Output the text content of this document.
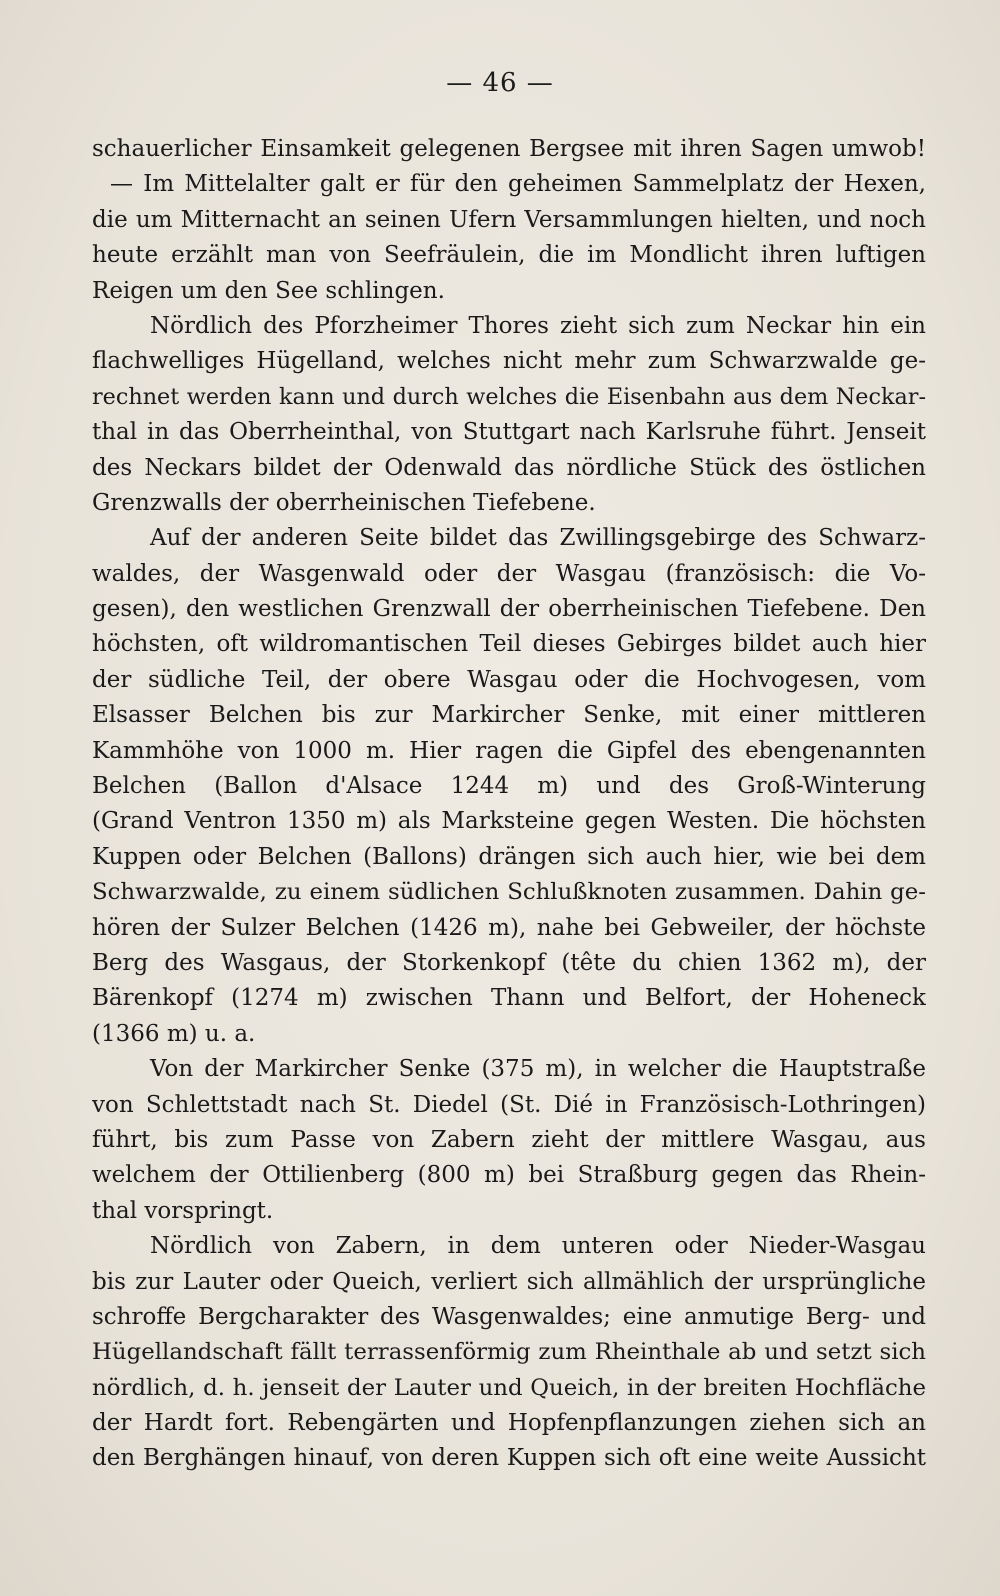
— 46 —
schauerlicher Einsamkeit gelegenen Bergsee mit ihren Sagen umwob!
— Im Mittelalter galt er für den geheimen Sammelplatz der Hexen,
die um Mitternacht an seinen Ufern Versammlungen hielten, und noch
heute erzählt man von Seefräulein, die im Mondlicht ihren luftigen
Reigen um den See schlingen.
Nördlich des Pforzheimer Thores zieht sich zum Neckar hin ein
flachwelliges Hügelland, welches nicht mehr zum Schwarzwalde ge-
rechnet werden kann und durch welches die Eisenbahn aus dem Neckar-
thal in das Oberrheinthal, von Stuttgart nach Karlsruhe führt. Jenseit
des Neckars bildet der Odenwald das nördliche Stück des östlichen
Grenzwalls der oberrheinischen Tiefebene.
Auf der anderen Seite bildet das Zwillingsgebirge des Schwarz-
waldes, der Wasgenwald oder der Wasgau (französisch: die Vo-
gesen), den westlichen Grenzwall der oberrheinischen Tiefebene. Den
höchsten, oft wildromantischen Teil dieses Gebirges bildet auch hier
der südliche Teil, der obere Wasgau oder die Hochvogesen, vom
Elsasser Belchen bis zur Markircher Senke, mit einer mittleren
Kammhöhe von 1000 m. Hier ragen die Gipfel des ebengenannten
Belchen (Ballon d'Alsace 1244 m) und des Groß-Winterung
(Grand Ventron 1350 m) als Marksteine gegen Westen. Die höchsten
Kuppen oder Belchen (Ballons) drängen sich auch hier, wie bei dem
Schwarzwalde, zu einem südlichen Schlußknoten zusammen. Dahin ge-
hören der Sulzer Belchen (1426 m), nahe bei Gebweiler, der höchste
Berg des Wasgaus, der Storkenkopf (tête du chien 1362 m), der
Bärenkopf (1274 m) zwischen Thann und Belfort, der Hoheneck
(1366 m) u. a.
Von der Markircher Senke (375 m), in welcher die Hauptstraße
von Schlettstadt nach St. Diedel (St. Dié in Französisch-Lothringen)
führt, bis zum Passe von Zabern zieht der mittlere Wasgau, aus
welchem der Ottilienberg (800 m) bei Straßburg gegen das Rhein-
thal vorspringt.
Nördlich von Zabern, in dem unteren oder Nieder-Wasgau
bis zur Lauter oder Queich, verliert sich allmählich der ursprüngliche
schroffe Bergcharakter des Wasgenwaldes; eine anmutige Berg- und
Hügellandschaft fällt terrassenförmig zum Rheinthale ab und setzt sich
nördlich, d. h. jenseit der Lauter und Queich, in der breiten Hochfläche
der Hardt fort. Rebengärten und Hopfenpflanzungen ziehen sich an
den Berghängen hinauf, von deren Kuppen sich oft eine weite Aussicht
